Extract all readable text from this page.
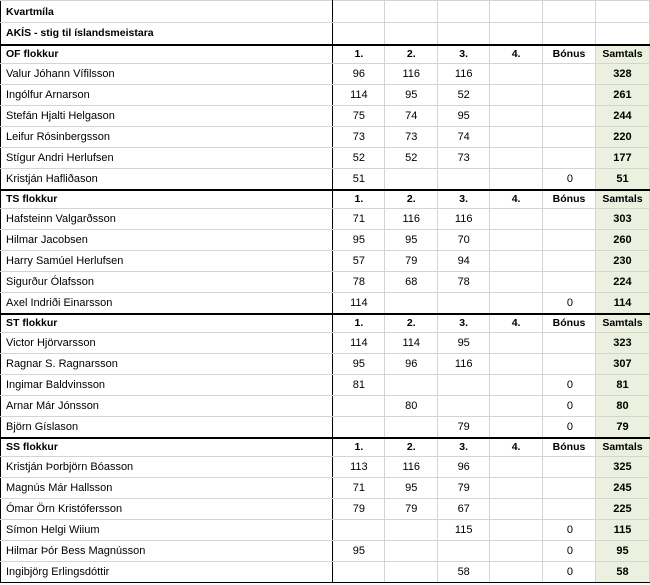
Kvartmíla						
AKÍS - stig til íslandsmeistara						
OF flokkur	1.	2.	3.	4.	Bónus	Samtals
Valur Jóhann Vífilsson	96	116	116			328
Ingólfur Arnarson	114	95	52			261
Stefán Hjalti Helgason	75	74	95			244
Leifur Rósinbergsson	73	73	74			220
Stígur Andri Herlufsen	52	52	73			177
Kristján Hafliðason	51				0	51
TS flokkur	1.	2.	3.	4.	Bónus	Samtals
Hafsteinn Valgarðsson	71	116	116			303
Hilmar Jacobsen	95	95	70			260
Harry Samúel Herlufsen	57	79	94			230
Sigurður Ólafsson	78	68	78			224
Axel Indriði Einarsson	114				0	114
ST flokkur	1.	2.	3.	4.	Bónus	Samtals
Victor Hjörvarsson	114	114	95			323
Ragnar S. Ragnarsson	95	96	116			307
Ingimar Baldvinsson	81				0	81
Arnar Már Jónsson		80			0	80
Björn Gíslason			79		0	79
SS flokkur	1.	2.	3.	4.	Bónus	Samtals
Kristján Þorbjörn Bóasson	113	116	96			325
Magnús Már Hallsson	71	95	79			245
Ómar Örn Kristófersson	79	79	67			225
Símon Helgi Wiium			115		0	115
Hilmar Þór Bess Magnússon	95				0	95
Ingibjörg Erlingsdóttir			58		0	58
